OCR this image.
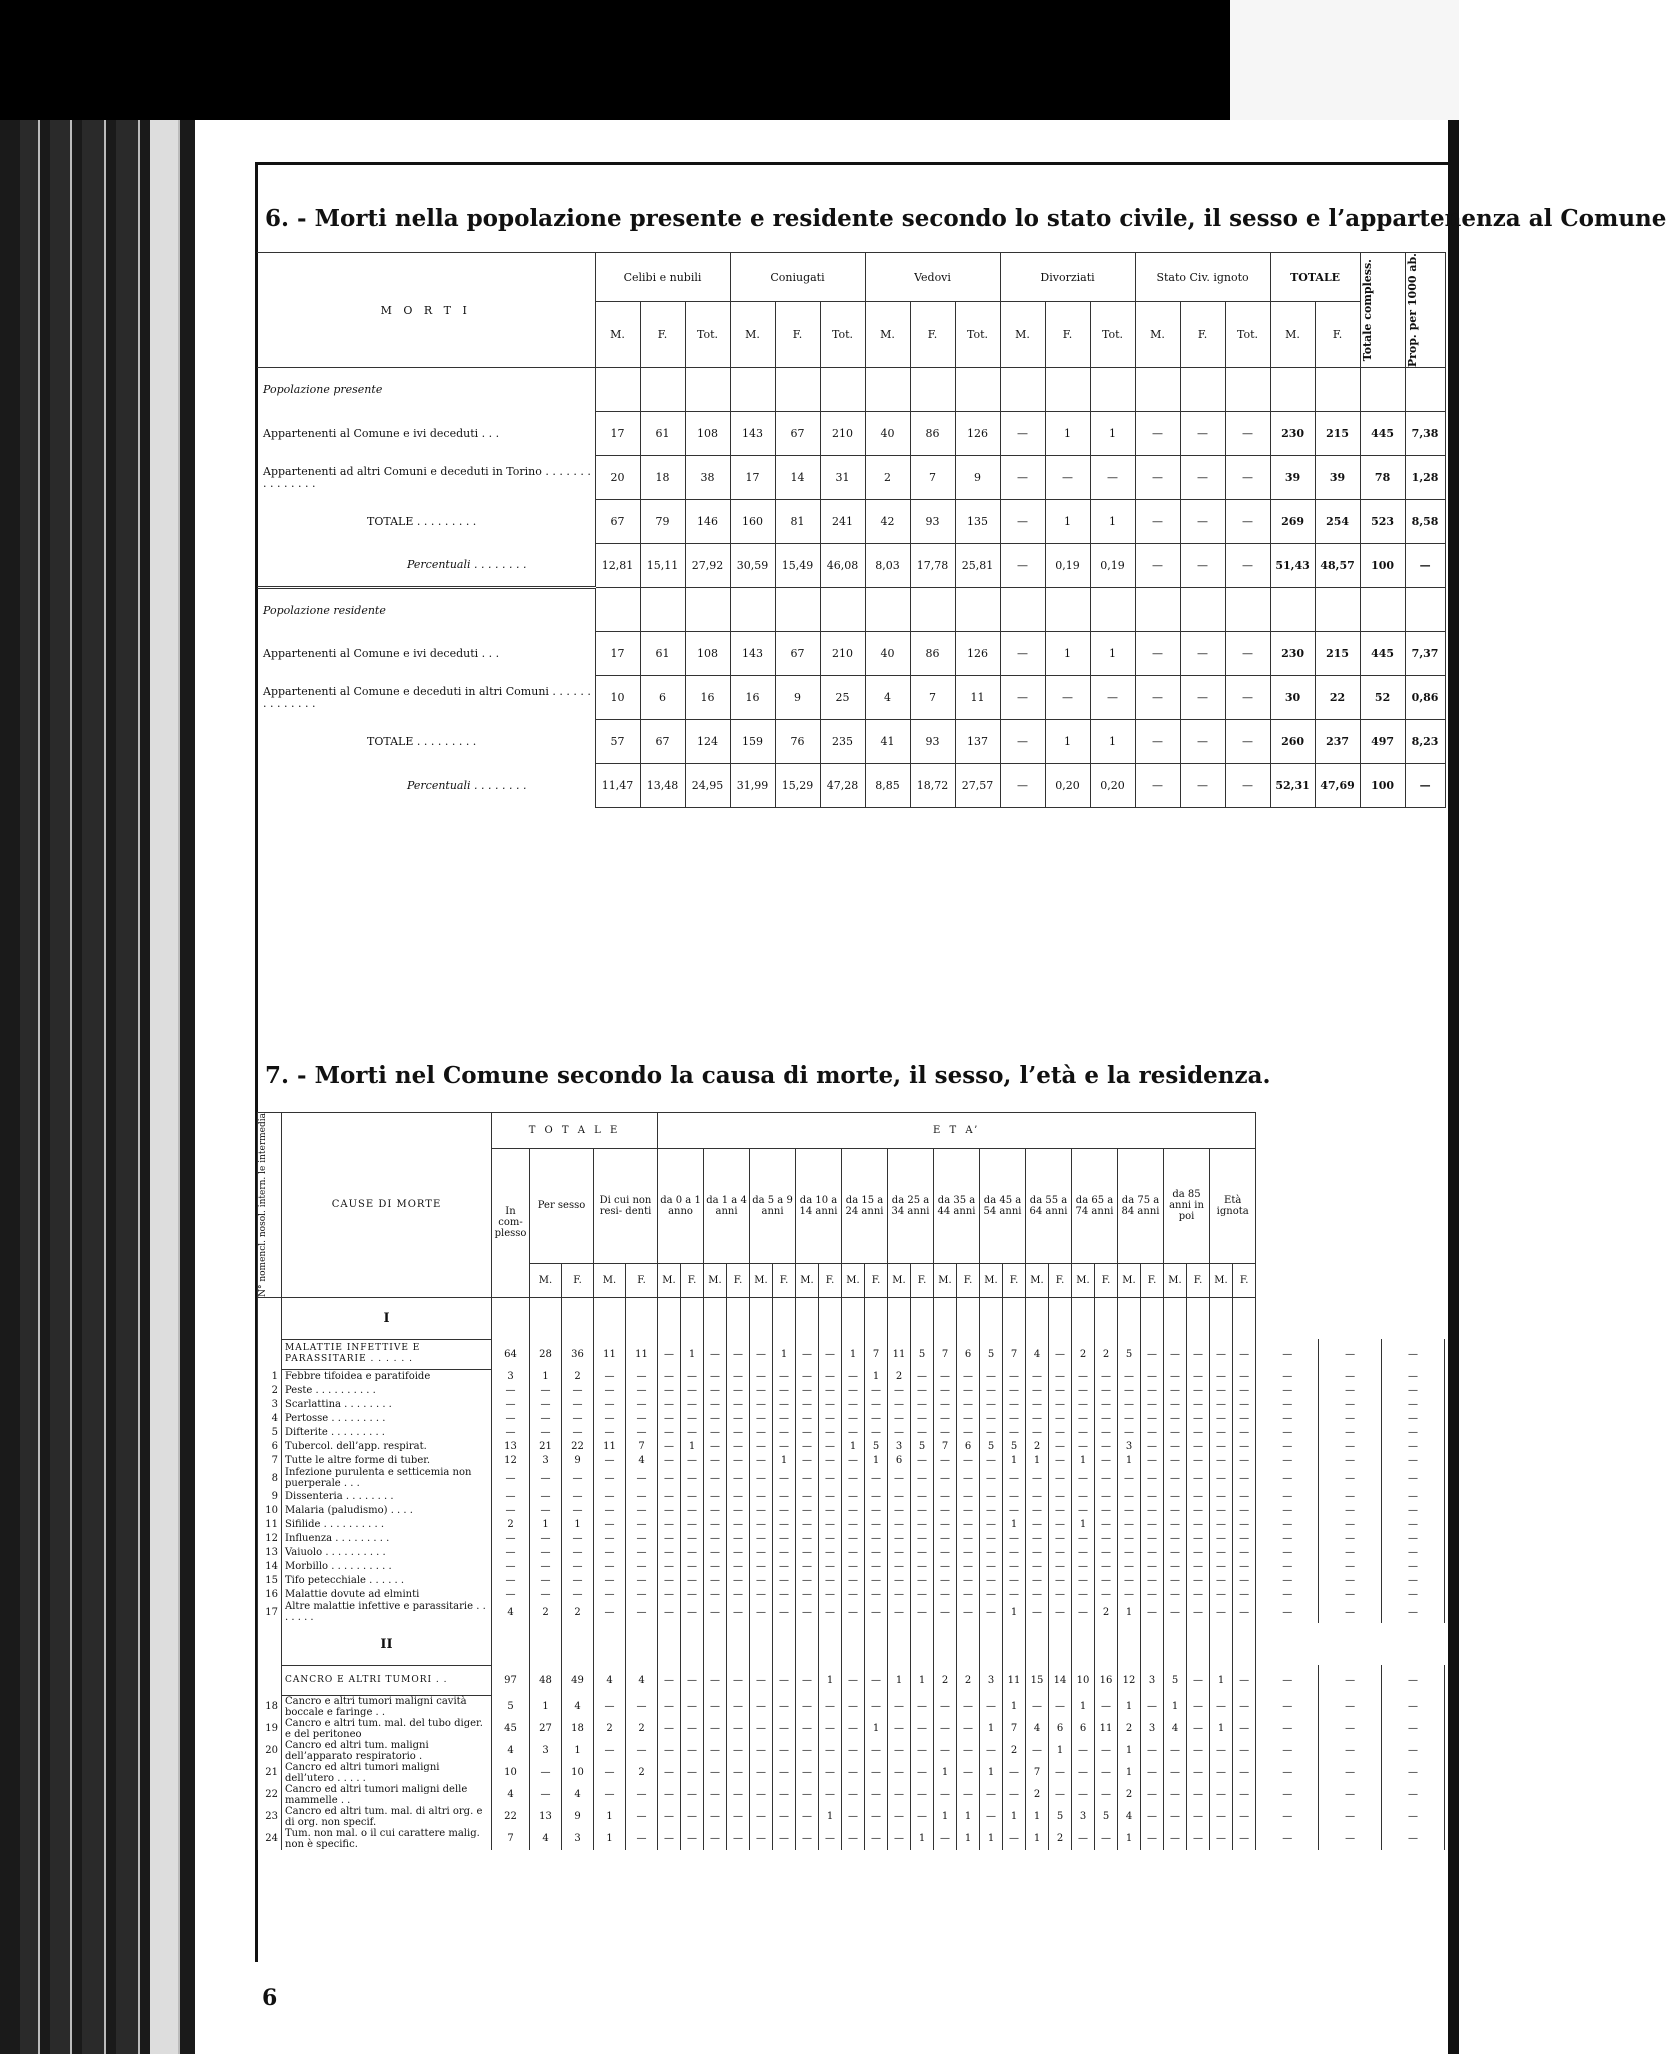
6. - Morti nella popolazione presente e residente secondo lo stato civile, il sesso e l’appartenenza al Comune
M O R T I	Celibi e nubili			Coniugati			Vedovi			Divorziati			Stato Civ. ignoto			TOTALE		Totale compless.	Prop. per 1000 ab.

	M.	F.	Tot.	M.	F.	Tot.	M.	F.	Tot.	M.	F.	Tot.	M.	F.	Tot.	M.	F.		
Popolazione presente																			
Appartenenti al Comune e ivi deceduti . . .	17	61	108	143	67	210	40	86	126	—	1	1	—	—	—	230	215	445	7,38
Appartenenti ad altri Comuni e deceduti in Torino . . . . . . . . . . . . . . .	20	18	38	17	14	31	2	7	9	—	—	—	—	—	—	39	39	78	1,28
TOTALE . . . . . . . . .	67	79	146	160	81	241	42	93	135	—	1	1	—	—	—	269	254	523	8,58
Percentuali . . . . . . . .	12,81	15,11	27,92	30,59	15,49	46,08	8,03	17,78	25,81	—	0,19	0,19	—	—	—	51,43	48,57	100	—
Popolazione residente																			
Appartenenti al Comune e ivi deceduti . . .	17	61	108	143	67	210	40	86	126	—	1	1	—	—	—	230	215	445	7,37
Appartenenti al Comune e deceduti in altri Comuni . . . . . . . . . . . . . .	10	6	16	16	9	25	4	7	11	—	—	—	—	—	—	30	22	52	0,86
TOTALE . . . . . . . . .	57	67	124	159	76	235	41	93	137	—	1	1	—	—	—	260	237	497	8,23
Percentuali . . . . . . . .	11,47	13,48	24,95	31,99	15,29	47,28	8,85	18,72	27,57	—	0,20	0,20	—	—	—	52,31	47,69	100	—
7. - Morti nel Comune secondo la causa di morte, il sesso, l’età e la residenza.
N° nomencl. nosol. intern. le intermedia	CAUSE DI MORTE	T O T A L E					E T A’																												
		In com- plesso	Per sesso		Di cui non resi- denti		da 0 a 1 anno		da 1 a 4 anni		da 5 a 9 anni		da 10 a 14 anni		da 15 a 24 anni		da 25 a 34 anni		da 35 a 44 anni		da 45 a 54 anni		da 55 a 64 anni		da 65 a 74 anni		da 75 a 84 anni		da 85 anni in poi		Età ignota				
			M.	F.	M.	F.	M.	F.	M.	F.	M.	F.	M.	F.	M.	F.	M.	F.	M.	F.	M.	F.	M.	F.	M.	F.	M.	F.	M.	F.	M.	F.			

	I																																		

	MALATTIE INFETTIVE E PARASSITARIE . . . . . .	64	28	36	11	11	—	1	—	—	—	1	—	—	1	7	11	5	7	6	5	7	4	—	2	2	5	—	—	—	—	—	—	—	—
1	Febbre tifoidea e paratifoide	3	1	2	—	—	—	—	—	—	—	—	—	—	—	1	2	—	—	—	—	—	—	—	—	—	—	—	—	—	—	—	—	—	—
2	Peste . . . . . . . . . .	—	—	—	—	—	—	—	—	—	—	—	—	—	—	—	—	—	—	—	—	—	—	—	—	—	—	—	—	—	—	—	—	—	—
3	Scarlattina . . . . . . . .	—	—	—	—	—	—	—	—	—	—	—	—	—	—	—	—	—	—	—	—	—	—	—	—	—	—	—	—	—	—	—	—	—	—
4	Pertosse . . . . . . . . .	—	—	—	—	—	—	—	—	—	—	—	—	—	—	—	—	—	—	—	—	—	—	—	—	—	—	—	—	—	—	—	—	—	—
5	Difterite . . . . . . . . .	—	—	—	—	—	—	—	—	—	—	—	—	—	—	—	—	—	—	—	—	—	—	—	—	—	—	—	—	—	—	—	—	—	—
6	Tubercol. dell’app. respirat.	13	21	22	11	7	—	1	—	—	—	—	—	—	1	5	3	5	7	6	5	5	2	—	—	—	3	—	—	—	—	—	—	—	—
7	Tutte le altre forme di tuber.	12	3	9	—	4	—	—	—	—	—	1	—	—	—	1	6	—	—	—	—	1	1	—	1	—	1	—	—	—	—	—	—	—	—
8	Infezione purulenta e setticemia non puerperale . . .	—	—	—	—	—	—	—	—	—	—	—	—	—	—	—	—	—	—	—	—	—	—	—	—	—	—	—	—	—	—	—	—	—	—
9	Dissenteria . . . . . . . .	—	—	—	—	—	—	—	—	—	—	—	—	—	—	—	—	—	—	—	—	—	—	—	—	—	—	—	—	—	—	—	—	—	—
10	Malaria (paludismo) . . . .	—	—	—	—	—	—	—	—	—	—	—	—	—	—	—	—	—	—	—	—	—	—	—	—	—	—	—	—	—	—	—	—	—	—
11	Sifilide . . . . . . . . . .	2	1	1	—	—	—	—	—	—	—	—	—	—	—	—	—	—	—	—	—	1	—	—	1	—	—	—	—	—	—	—	—	—	—
12	Influenza . . . . . . . . .	—	—	—	—	—	—	—	—	—	—	—	—	—	—	—	—	—	—	—	—	—	—	—	—	—	—	—	—	—	—	—	—	—	—
13	Vaiuolo . . . . . . . . . .	—	—	—	—	—	—	—	—	—	—	—	—	—	—	—	—	—	—	—	—	—	—	—	—	—	—	—	—	—	—	—	—	—	—
14	Morbillo . . . . . . . . . .	—	—	—	—	—	—	—	—	—	—	—	—	—	—	—	—	—	—	—	—	—	—	—	—	—	—	—	—	—	—	—	—	—	—
15	Tifo petecchiale . . . . . .	—	—	—	—	—	—	—	—	—	—	—	—	—	—	—	—	—	—	—	—	—	—	—	—	—	—	—	—	—	—	—	—	—	—
16	Malattie dovute ad elminti	—	—	—	—	—	—	—	—	—	—	—	—	—	—	—	—	—	—	—	—	—	—	—	—	—	—	—	—	—	—	—	—	—	—
17	Altre malattie infettive e parassitarie . . . . . . .	4	2	2	—	—	—	—	—	—	—	—	—	—	—	—	—	—	—	—	—	1	—	—	—	2	1	—	—	—	—	—	—	—	—

	II																																		

	CANCRO E ALTRI TUMORI . .	97	48	49	4	4	—	—	—	—	—	—	—	1	—	—	1	1	2	2	3	11	15	14	10	16	12	3	5	—	1	—	—	—	—
18	Cancro e altri tumori maligni cavità boccale e faringe . .	5	1	4	—	—	—	—	—	—	—	—	—	—	—	—	—	—	—	—	—	1	—	—	1	—	1	—	1	—	—	—	—	—	—
19	Cancro e altri tum. mal. del tubo diger. e del peritoneo	45	27	18	2	2	—	—	—	—	—	—	—	—	—	1	—	—	—	—	1	7	4	6	6	11	2	3	4	—	1	—	—	—	—
20	Cancro ed altri tum. maligni dell’apparato respiratorio .	4	3	1	—	—	—	—	—	—	—	—	—	—	—	—	—	—	—	—	—	2	—	1	—	—	1	—	—	—	—	—	—	—	—
21	Cancro ed altri tumori maligni dell’utero . . . . .	10	—	10	—	2	—	—	—	—	—	—	—	—	—	—	—	—	1	—	1	—	7	—	—	—	1	—	—	—	—	—	—	—	—
22	Cancro ed altri tumori maligni delle mammelle . .	4	—	4	—	—	—	—	—	—	—	—	—	—	—	—	—	—	—	—	—	—	2	—	—	—	2	—	—	—	—	—	—	—	—
23	Cancro ed altri tum. mal. di altri org. e di org. non specif.	22	13	9	1	—	—	—	—	—	—	—	—	1	—	—	—	—	1	1	—	1	1	5	3	5	4	—	—	—	—	—	—	—	—
24	Tum. non mal. o il cui carattere malig. non è specific.	7	4	3	1	—	—	—	—	—	—	—	—	—	—	—	—	1	—	1	1	—	1	2	—	—	1	—	—	—	—	—	—	—	—
6
